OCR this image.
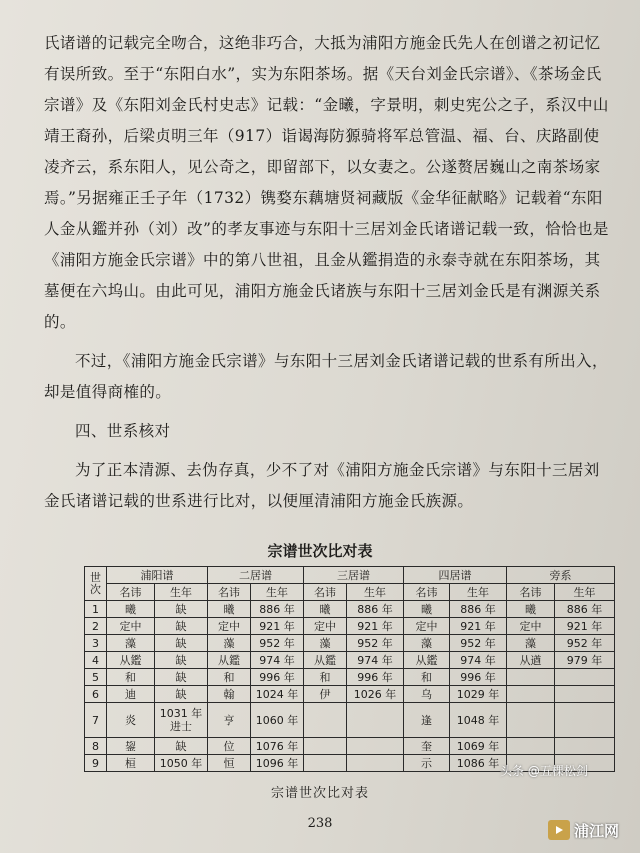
氏诸谱的记载完全吻合，这绝非巧合，大抵为浦阳方施金氏先人在创谱之初记忆有误所致。至于“东阳白水”，实为东阳茶场。据《天台刘金氏宗谱》、《茶场金氏宗谱》及《东阳刘金氏村史志》记载：“金曦，字景明，刺史宪公之子，系汉中山靖王裔孙，后梁贞明三年（917）诣谒海防獂骑将军总管温、福、台、庆路副使凌齐云，系东阳人，见公奇之，即留部下，以女妻之。公遂赘居巍山之南茶场家焉。”另据雍正壬子年（1732）镌婺东藕塘贤祠藏版《金华征献略》记载着“东阳人金从鑑并孙（刘）改”的孝友事迹与东阳十三居刘金氏诸谱记载一致，恰恰也是《浦阳方施金氏宗谱》中的第八世祖，且金从鑑捐造的永泰寺就在东阳茶场，其墓便在六坞山。由此可见，浦阳方施金氏诸族与东阳十三居刘金氏是有渊源关系的。

不过，《浦阳方施金氏宗谱》与东阳十三居刘金氏诸谱记载的世系有所出入，却是值得商榷的。

四、世系核对

为了正本清源、去伪存真，少不了对《浦阳方施金氏宗谱》与东阳十三居刘金氏诸谱记载的世系进行比对，以便厘清浦阳方施金氏族源。

宗谱世次比对表
世次	浦阳谱		二居谱		三居谱		四居谱		旁系	
	名讳	生年	名讳	生年	名讳	生年	名讳	生年	名讳	生年
1	曦	缺	曦	886 年	曦	886 年	曦	886 年	曦	886 年
2	定中	缺	定中	921 年	定中	921 年	定中	921 年	定中	921 年
3	藻	缺	藻	952 年	藻	952 年	藻	952 年	藻	952 年
4	从鑑	缺	从鑑	974 年	从鑑	974 年	从鑑	974 年	从遒	979 年
5	和	缺	和	996 年	和	996 年	和	996 年		
6	迪	缺	翰	1024 年	伊	1026 年	乌	1029 年		
7	炎	1031 年 进士	亨	1060 年			逢	1048 年		
8	鋆	缺	位	1076 年			奎	1069 年		
9	桓	1050 年	恒	1096 年			示	1086 年		
头条 @五棵松剑
宗谱世次比对表
238	浦江网
